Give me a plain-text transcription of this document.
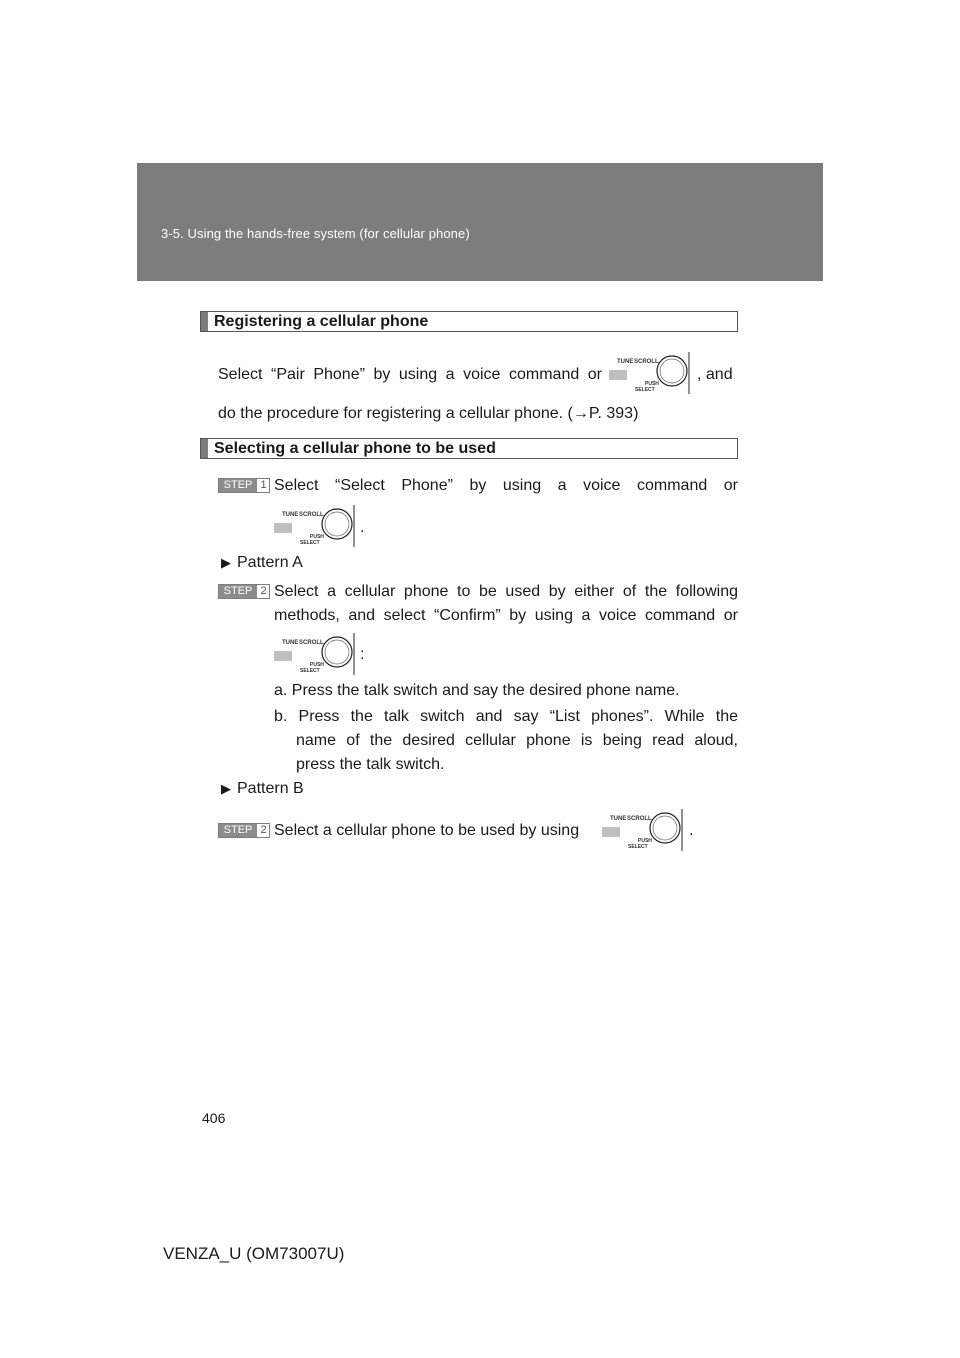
3-5. Using the hands-free system (for cellular phone)
Registering a cellular phone
Select “Pair Phone” by using a voice command or
TUNE SCROLL
PUSH
SELECT
, and
do the procedure for registering a cellular phone. (→P. 393)
Selecting a cellular phone to be used
STEP 1 Select “Select Phone” by using a voice command or
TUNE SCROLL
PUSH
SELECT
.
▶ Pattern A
STEP 2 Select a cellular phone to be used by either of the following
methods, and select “Confirm” by using a voice command or
TUNE SCROLL
PUSH
SELECT
:
a. Press the talk switch and say the desired phone name.
b. Press the talk switch and say “List phones”. While the
name of the desired cellular phone is being read aloud,
press the talk switch.
▶ Pattern B
STEP 2 Select a cellular phone to be used by using
TUNE SCROLL
PUSH
SELECT
.
406
VENZA_U (OM73007U)
